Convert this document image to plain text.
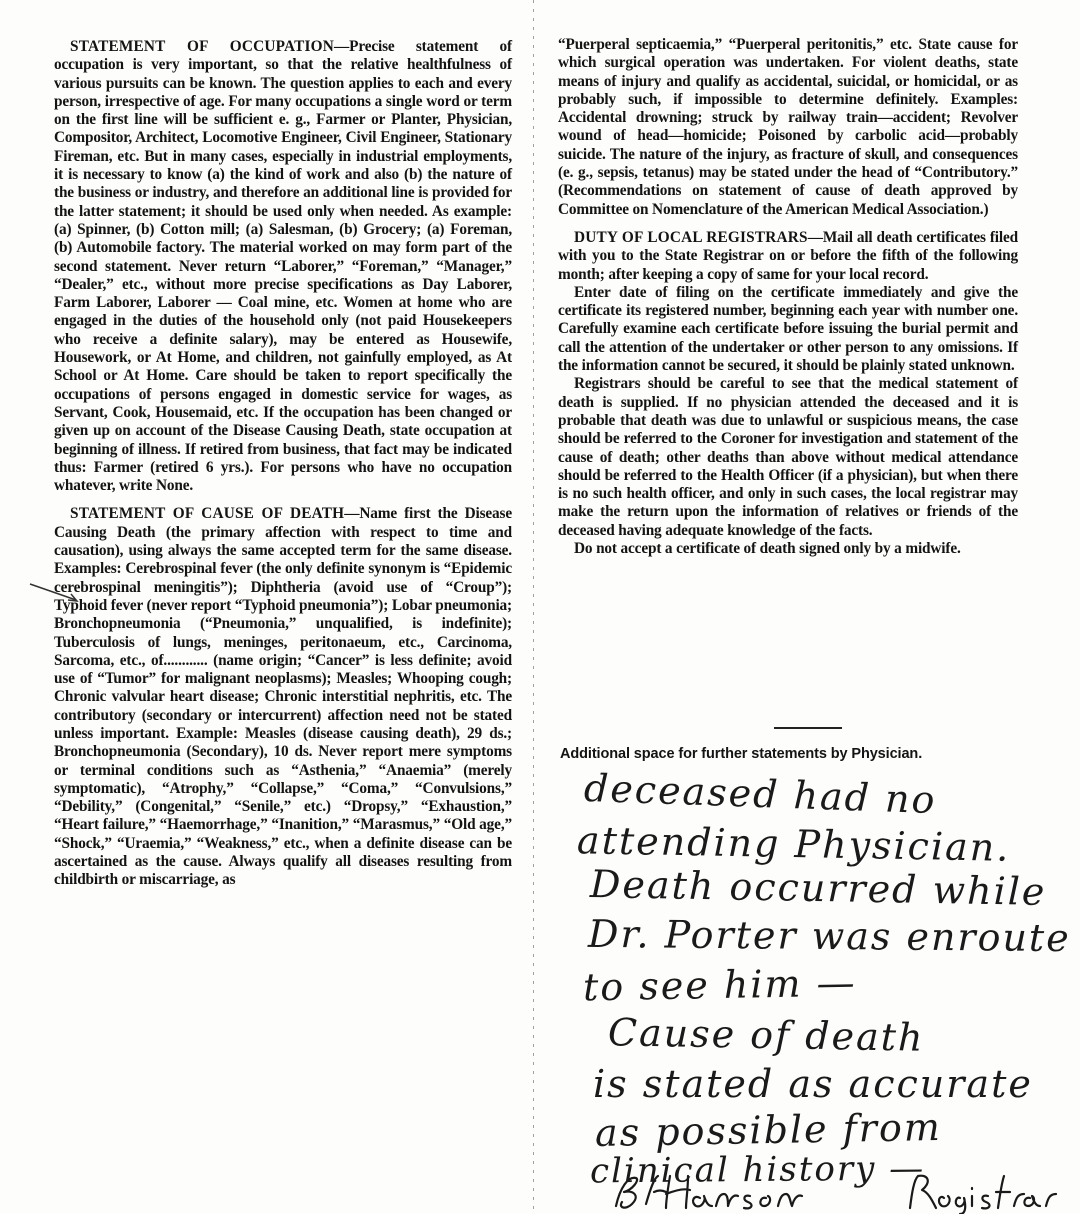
STATEMENT OF OCCUPATION—Precise statement of occupation is very important, so that the relative healthfulness of various pursuits can be known. The question applies to each and every person, irrespective of age. For many occupations a single word or term on the first line will be sufficient e. g., Farmer or Planter, Physician, Compositor, Architect, Locomotive Engineer, Civil Engineer, Stationary Fireman, etc. But in many cases, especially in industrial employments, it is necessary to know (a) the kind of work and also (b) the nature of the business or industry, and therefore an additional line is provided for the latter statement; it should be used only when needed. As example: (a) Spinner, (b) Cotton mill; (a) Salesman, (b) Grocery; (a) Foreman, (b) Automobile factory. The material worked on may form part of the second statement. Never return “Laborer,” “Foreman,” “Manager,” “Dealer,” etc., without more precise specifications as Day Laborer, Farm Laborer, Laborer — Coal mine, etc. Women at home who are engaged in the duties of the household only (not paid Housekeepers who receive a definite salary), may be entered as Housewife, Housework, or At Home, and children, not gainfully employed, as At School or At Home. Care should be taken to report specifically the occupations of persons engaged in domestic service for wages, as Servant, Cook, Housemaid, etc. If the occupation has been changed or given up on account of the Disease Causing Death, state occupation at beginning of illness. If retired from business, that fact may be indicated thus: Farmer (retired 6 yrs.). For persons who have no occupation whatever, write None.

STATEMENT OF CAUSE OF DEATH—Name first the Disease Causing Death (the primary affection with respect to time and causation), using always the same accepted term for the same disease. Examples: Cerebrospinal fever (the only definite synonym is “Epidemic cerebrospinal meningitis”); Diphtheria (avoid use of “Croup”); Typhoid fever (never report “Typhoid pneumonia”); Lobar pneumonia; Bronchopneumonia (“Pneumonia,” unqualified, is indefinite); Tuberculosis of lungs, meninges, peritonaeum, etc., Carcinoma, Sarcoma, etc., of............ (name origin; “Cancer” is less definite; avoid use of “Tumor” for malignant neoplasms); Measles; Whooping cough; Chronic valvular heart disease; Chronic interstitial nephritis, etc. The contributory (secondary or intercurrent) affection need not be stated unless important. Example: Measles (disease causing death), 29 ds.; Bronchopneumonia (Secondary), 10 ds. Never report mere symptoms or terminal conditions such as “Asthenia,” “Anaemia” (merely symptomatic), “Atrophy,” “Collapse,” “Coma,” “Convulsions,” “Debility,” (Congenital,” “Senile,” etc.) “Dropsy,” “Exhaustion,” “Heart failure,” “Haemorrhage,” “Inanition,” “Marasmus,” “Old age,” “Shock,” “Uraemia,” “Weakness,” etc., when a definite disease can be ascertained as the cause. Always qualify all diseases resulting from childbirth or miscarriage, as

“Puerperal septicaemia,” “Puerperal peritonitis,” etc. State cause for which surgical operation was undertaken. For violent deaths, state means of injury and qualify as accidental, suicidal, or homicidal, or as probably such, if impossible to determine definitely. Examples: Accidental drowning; struck by railway train—accident; Revolver wound of head—homicide; Poisoned by carbolic acid—probably suicide. The nature of the injury, as fracture of skull, and consequences (e. g., sepsis, tetanus) may be stated under the head of “Contributory.” (Recommendations on statement of cause of death approved by Committee on Nomenclature of the American Medical Association.)

DUTY OF LOCAL REGISTRARS—Mail all death certificates filed with you to the State Registrar on or before the fifth of the following month; after keeping a copy of same for your local record.

Enter date of filing on the certificate immediately and give the certificate its registered number, beginning each year with number one. Carefully examine each certificate before issuing the burial permit and call the attention of the undertaker or other person to any omissions. If the information cannot be secured, it should be plainly stated unknown.

Registrars should be careful to see that the medical statement of death is supplied. If no physician attended the deceased and it is probable that death was due to unlawful or suspicious means, the case should be referred to the Coroner for investigation and statement of the cause of death; other deaths than above without medical attendance should be referred to the Health Officer (if a physician), but when there is no such health officer, and only in such cases, the local registrar may make the return upon the information of relatives or friends of the deceased having adequate knowledge of the facts.

Do not accept a certificate of death signed only by a midwife.

Additional space for further statements by Physician.
deceased had no
attending Physician.
Death occurred while
Dr. Porter was enroute
to see him —
Cause of death
is stated as accurate
as possible from
clinical history —
